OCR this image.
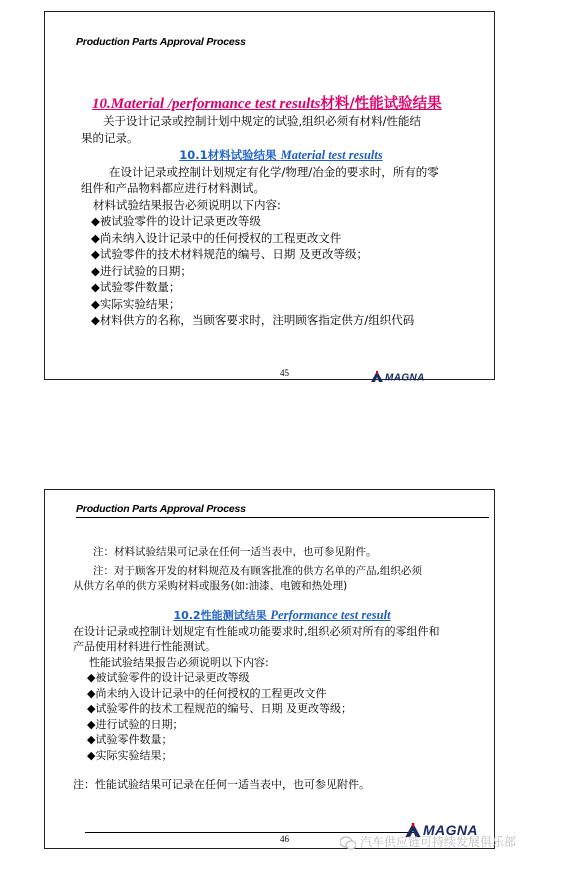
Production Parts Approval Process
10.Material /performance test results材料/性能试验结果

关于设计记录或控制计划中规定的试验,组织必须有材料/性能结

果的记录。

10.1材料试验结果 Material test results

在设计记录或控制计划规定有化学/物理/冶金的要求时，所有的零

组件和产品物料都应进行材料测试。

材料试验结果报告必须说明以下内容:

◆被试验零件的设计记录更改等级

◆尚未纳入设计记录中的任何授权的工程更改文件

◆试验零件的技术材料规范的编号、日期 及更改等级；

◆进行试验的日期；

◆试验零件数量；

◆实际实验结果；

◆材料供方的名称，当顾客要求时，注明顾客指定供方/组织代码

45	MAGNA
Production Parts Approval Process

注：材料试验结果可记录在任何一适当表中，也可参见附件。

注：对于顾客开发的材料规范及有顾客批准的供方名单的产品,组织必须

从供方名单的供方采购材料或服务(如:油漆、电镀和热处理)

10.2性能测试结果 Performance test result

在设计记录或控制计划规定有性能或功能要求时,组织必须对所有的零组件和

产品使用材料进行性能测试。

性能试验结果报告必须说明以下内容:

◆被试验零件的设计记录更改等级

◆尚未纳入设计记录中的任何授权的工程更改文件

◆试验零件的技术工程规范的编号、日期 及更改等级；

◆进行试验的日期；

◆试验零件数量；

◆实际实验结果；

注：性能试验结果可记录在任何一适当表中，也可参见附件。

46
MAGNA
汽车供应链可持续发展俱乐部
